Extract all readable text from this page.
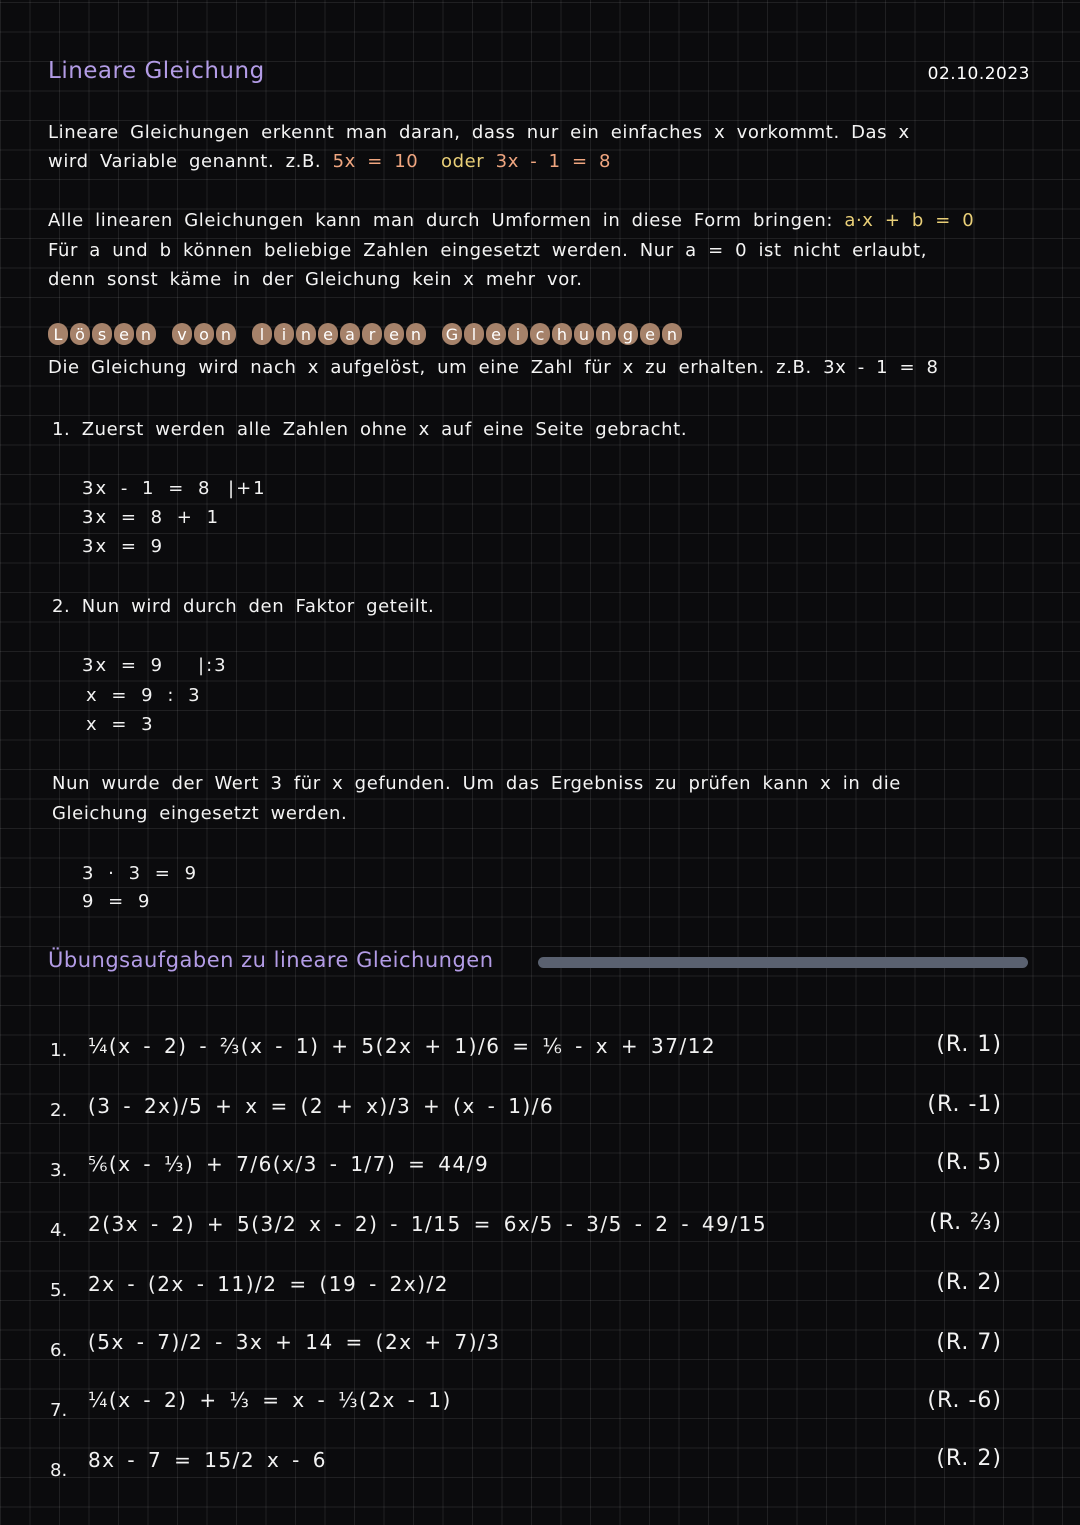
Lineare Gleichung	02.10.2023
Lineare Gleichungen erkennt man daran, dass nur ein einfaches x vorkommt. Das x
wird Variable genannt. z.B. 5x = 10 oder 3x - 1 = 8
Alle linearen Gleichungen kann man durch Umformen in diese Form bringen: a·x + b = 0
Für a und b können beliebige Zahlen eingesetzt werden. Nur a = 0 ist nicht erlaubt,
denn sonst käme in der Gleichung kein x mehr vor.
L ö s e n	v o n	l	i n e a r e n	G l e i c h u n g e n
Die Gleichung wird nach x aufgelöst, um eine Zahl für x zu erhalten. z.B. 3x - 1 = 8
1. Zuerst werden alle Zahlen ohne x auf eine Seite gebracht.
3x - 1 = 8 |+1
3x = 8 + 1
3x = 9
2. Nun wird durch den Faktor geteilt.
3x = 9 |:3
x = 9 : 3
x = 3
Nun wurde der Wert 3 für x gefunden. Um das Ergebniss zu prüfen kann x in die
Gleichung eingesetzt werden.
3 · 3 = 9
9 = 9
Übungsaufgaben zu lineare Gleichungen
1. ¼(x - 2) - ⅔(x - 1) + 5(2x + 1)/6 = ⅙ - x + 37/12	(R. 1)
2. (3 - 2x)/5 + x = (2 + x)/3 + (x - 1)/6	(R. -1)
3. ⅚(x - ⅓) + 7/6(x/3 - 1/7) = 44/9	(R. 5)
4. 2(3x - 2) + 5(3/2 x - 2) - 1/15 = 6x/5 - 3/5 - 2 - 49/15	(R. ⅔)
5. 2x - (2x - 11)/2 = (19 - 2x)/2	(R. 2)
6. (5x - 7)/2 - 3x + 14 = (2x + 7)/3	(R. 7)
7. ¼(x - 2) + ⅓ = x - ⅓(2x - 1)	(R. -6)
8. 8x - 7 = 15/2 x - 6	(R. 2)
